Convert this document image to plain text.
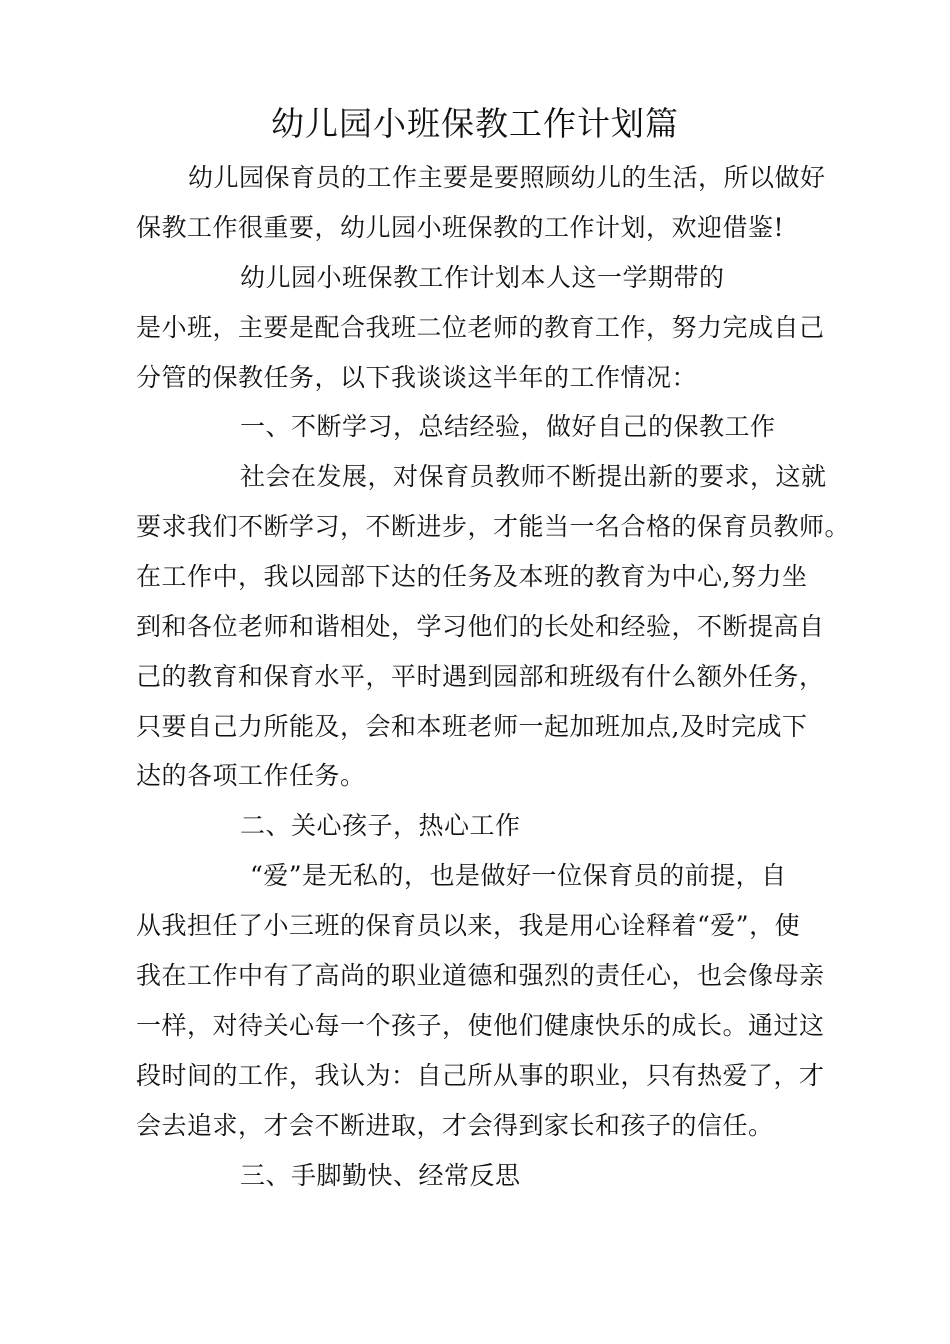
幼儿园小班保教工作计划篇
幼儿园保育员的工作主要是要照顾幼儿的生活，所以做好
保教工作很重要，幼儿园小班保教的工作计划，欢迎借鉴!
幼儿园小班保教工作计划本人这一学期带的
是小班，主要是配合我班二位老师的教育工作，努力完成自己
分管的保教任务，以下我谈谈这半年的工作情况：
一、不断学习，总结经验，做好自己的保教工作
社会在发展，对保育员教师不断提出新的要求，这就
要求我们不断学习，不断进步，才能当一名合格的保育员教师。
在工作中，我以园部下达的任务及本班的教育为中心,努力坐
到和各位老师和谐相处，学习他们的长处和经验，不断提高自
己的教育和保育水平，平时遇到园部和班级有什么额外任务，
只要自己力所能及，会和本班老师一起加班加点,及时完成下
达的各项工作任务。
二、关心孩子，热心工作
“爱”是无私的，也是做好一位保育员的前提，自
从我担任了小三班的保育员以来，我是用心诠释着“爱”，使
我在工作中有了高尚的职业道德和强烈的责任心，也会像母亲
一样，对待关心每一个孩子，使他们健康快乐的成长。通过这
段时间的工作，我认为：自己所从事的职业，只有热爱了，才
会去追求，才会不断进取，才会得到家长和孩子的信任。
三、手脚勤快、经常反思
